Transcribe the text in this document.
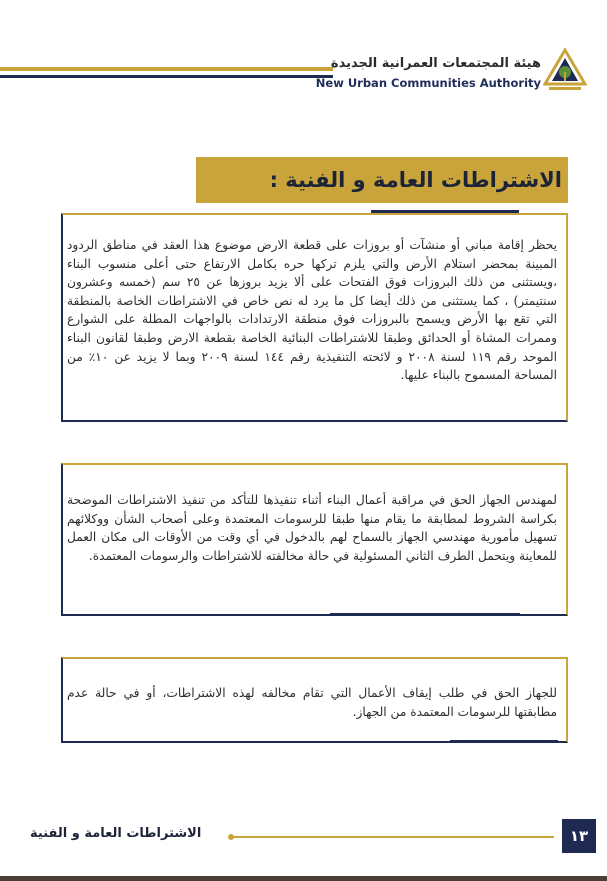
هيئة المجتمعات العمرانية الجديدة
New Urban Communities Authority
الاشتراطات العامة و الفنية :
يحظر إقامة مباني أو منشآت أو بروزات على قطعة الارض موضوع هذا العقد في مناطق الردود المبينة بمحضر استلام الأرض والتي يلزم تركها حره بكامل الارتفاع حتى أعلى منسوب البناء ،ويستثنى من ذلك البروزات فوق الفتحات على ألا يزيد بروزها عن ٢٥ سم (خمسه وعشرون سنتيمتر) ، كما يستثنى من ذلك أيضا كل ما يرد له نص خاص في الاشتراطات الخاصة بالمنطقة التي تقع بها الأرض ويسمح بالبروزات فوق منطقة الارتدادات بالواجهات المطلة على الشوارع وممرات المشاة أو الحدائق وطبقا للاشتراطات البنائية الخاصة بقطعة الارض وطبقا لقانون البناء الموحد رقم ١١٩ لسنة ٢٠٠٨ و لائحته التنفيذية رقم ١٤٤ لسنة ٢٠٠٩ وبما لا يزيد عن ١٠٪ من المساحة المسموح بالبناء عليها.
لمهندس الجهاز الحق في مراقبة أعمال البناء أثناء تنفيذها للتأكد من تنفيذ الاشتراطات الموضحة بكراسة الشروط لمطابقة ما يقام منها طبقا للرسومات المعتمدة وعلى أصحاب الشأن ووكلائهم تسهيل مأمورية مهندسي الجهاز بالسماح لهم بالدخول في أي وقت من الأوقات الى مكان العمل للمعاينة ويتحمل الطرف الثاني المسئولية في حالة مخالفته للاشتراطات والرسومات المعتمدة.
للجهاز الحق في طلب إيقاف الأعمال التي تقام مخالفه لهذه الاشتراطات، أو في حالة عدم مطابقتها للرسومات المعتمدة من الجهاز.
الاشتراطات العامة و الفنية	١٣
